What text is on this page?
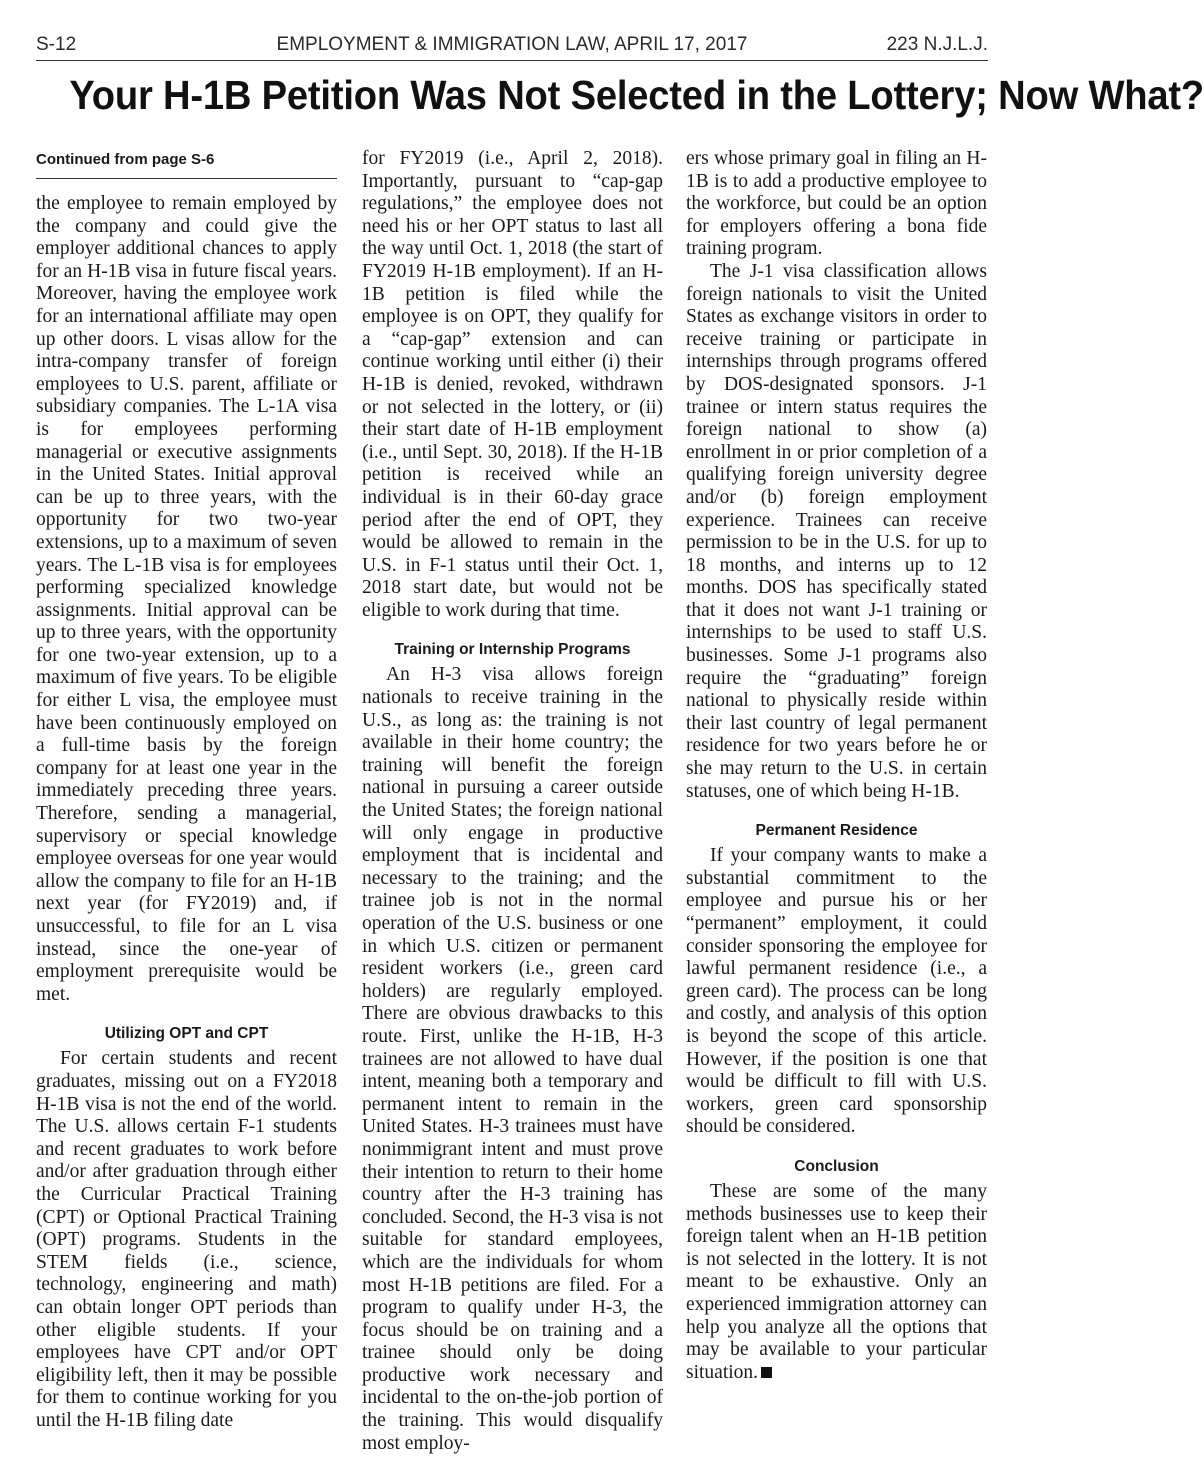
S-12	EMPLOYMENT & IMMIGRATION LAW, APRIL 17, 2017	223 N.J.L.J.
Your H-1B Petition Was Not Selected in the Lottery; Now What?
Continued from page S-6

the employee to remain employed by the company and could give the employer additional chances to apply for an H-1B visa in future fiscal years. Moreover, having the employee work for an international affiliate may open up other doors. L visas allow for the intra-company transfer of foreign employees to U.S. parent, affiliate or subsidiary companies. The L-1A visa is for employees performing managerial or executive assignments in the United States. Initial approval can be up to three years, with the opportunity for two two-year extensions, up to a maximum of seven years. The L-1B visa is for employees performing specialized knowledge assignments. Initial approval can be up to three years, with the opportunity for one two-year extension, up to a maximum of five years. To be eligible for either L visa, the employee must have been continuously employed on a full-time basis by the foreign company for at least one year in the immediately preceding three years. Therefore, sending a managerial, supervisory or special knowledge employee overseas for one year would allow the company to file for an H-1B next year (for FY2019) and, if unsuccessful, to file for an L visa instead, since the one-year of employment prerequisite would be met.

Utilizing OPT and CPT

For certain students and recent graduates, missing out on a FY2018 H-1B visa is not the end of the world. The U.S. allows certain F-1 students and recent graduates to work before and/or after graduation through either the Curricular Practical Training (CPT) or Optional Practical Training (OPT) programs. Students in the STEM fields (i.e., science, technology, engineering and math) can obtain longer OPT periods than other eligible students. If your employees have CPT and/or OPT eligibility left, then it may be possible for them to continue working for you until the H-1B filing date

for FY2019 (i.e., April 2, 2018). Importantly, pursuant to “cap-gap regulations,” the employee does not need his or her OPT status to last all the way until Oct. 1, 2018 (the start of FY2019 H-1B employment). If an H-1B petition is filed while the employee is on OPT, they qualify for a “cap-gap” extension and can continue working until either (i) their H-1B is denied, revoked, withdrawn or not selected in the lottery, or (ii) their start date of H-1B employment (i.e., until Sept. 30, 2018). If the H-1B petition is received while an individual is in their 60-day grace period after the end of OPT, they would be allowed to remain in the U.S. in F-1 status until their Oct. 1, 2018 start date, but would not be eligible to work during that time.

Training or Internship Programs

An H-3 visa allows foreign nationals to receive training in the U.S., as long as: the training is not available in their home country; the training will benefit the foreign national in pursuing a career outside the United States; the foreign national will only engage in productive employment that is incidental and necessary to the training; and the trainee job is not in the normal operation of the U.S. business or one in which U.S. citizen or permanent resident workers (i.e., green card holders) are regularly employed. There are obvious drawbacks to this route. First, unlike the H-1B, H-3 trainees are not allowed to have dual intent, meaning both a temporary and permanent intent to remain in the United States. H-3 trainees must have nonimmigrant intent and must prove their intention to return to their home country after the H-3 training has concluded. Second, the H-3 visa is not suitable for standard employees, which are the individuals for whom most H-1B petitions are filed. For a program to qualify under H-3, the focus should be on training and a trainee should only be doing productive work necessary and incidental to the on-the-job portion of the training. This would disqualify most employ-

ers whose primary goal in filing an H-1B is to add a productive employee to the workforce, but could be an option for employers offering a bona fide training program.

The J-1 visa classification allows foreign nationals to visit the United States as exchange visitors in order to receive training or participate in internships through programs offered by DOS-designated sponsors. J-1 trainee or intern status requires the foreign national to show (a) enrollment in or prior completion of a qualifying foreign university degree and/or (b) foreign employment experience. Trainees can receive permission to be in the U.S. for up to 18 months, and interns up to 12 months. DOS has specifically stated that it does not want J-1 training or internships to be used to staff U.S. businesses. Some J-1 programs also require the “graduating” foreign national to physically reside within their last country of legal permanent residence for two years before he or she may return to the U.S. in certain statuses, one of which being H-1B.

Permanent Residence

If your company wants to make a substantial commitment to the employee and pursue his or her “permanent” employment, it could consider sponsoring the employee for lawful permanent residence (i.e., a green card). The process can be long and costly, and analysis of this option is beyond the scope of this article. However, if the position is one that would be difficult to fill with U.S. workers, green card sponsorship should be considered.

Conclusion

These are some of the many methods businesses use to keep their foreign talent when an H-1B petition is not selected in the lottery. It is not meant to be exhaustive. Only an experienced immigration attorney can help you analyze all the options that may be available to your particular situation.
